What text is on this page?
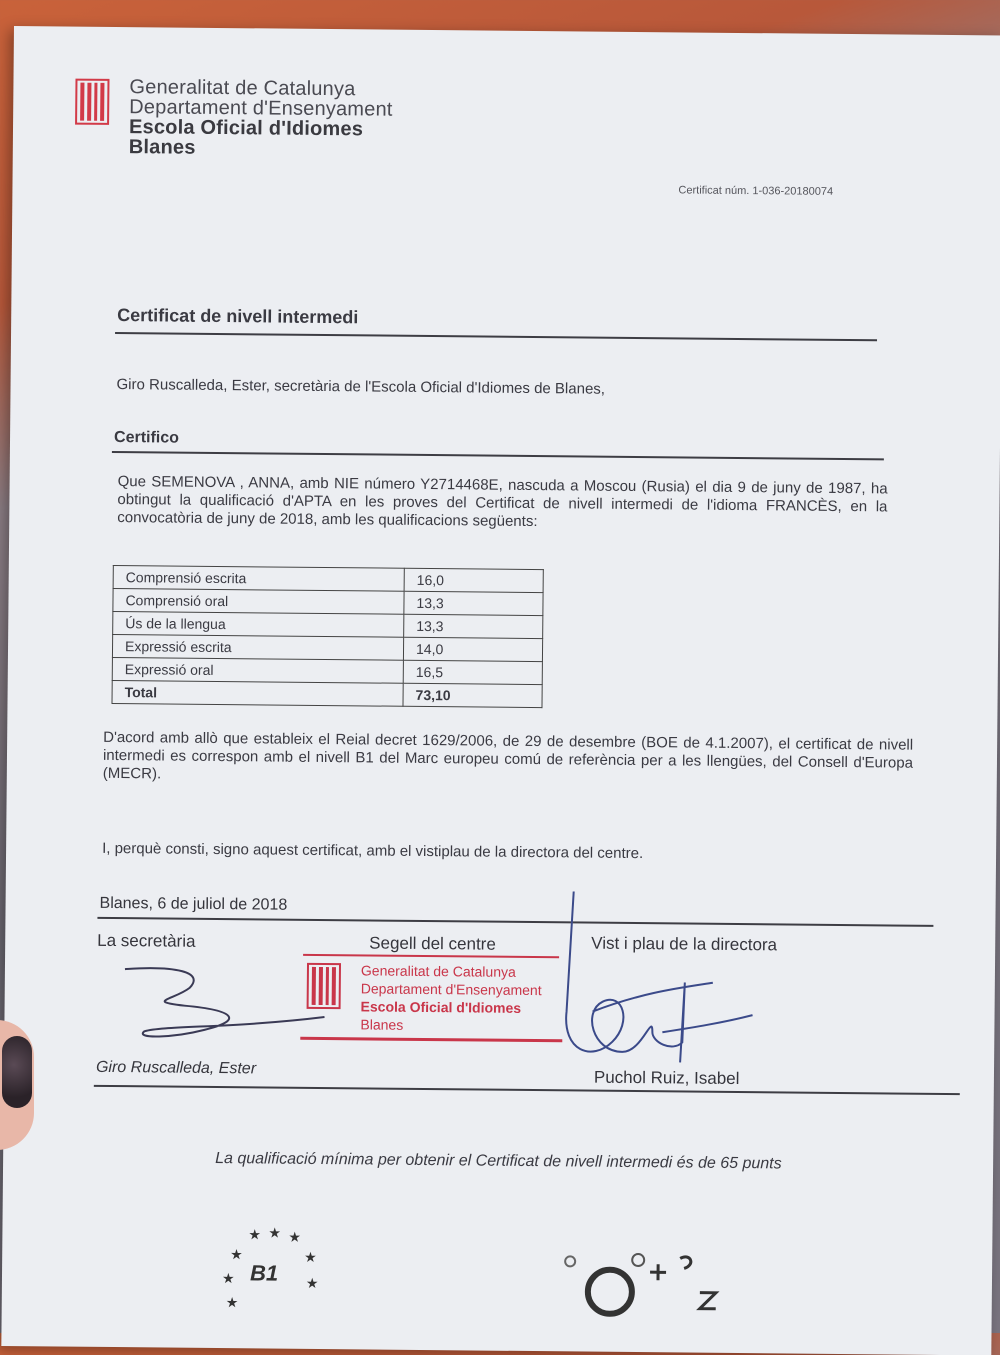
Generalitat de Catalunya
Departament d'Ensenyament
Escola Oficial d'Idiomes
Blanes
Certificat núm. 1-036-20180074
Certificat de nivell intermedi
Giro Ruscalleda, Ester, secretària de l'Escola Oficial d'Idiomes de Blanes,
Certifico
Que SEMENOVA , ANNA, amb NIE número Y2714468E, nascuda a Moscou (Rusia) el dia 9 de juny de 1987, ha obtingut la qualificació d'APTA en les proves del Certificat de nivell intermedi de l'idioma FRANCÈS, en la convocatòria de juny de 2018, amb les qualificacions següents:
Comprensió escrita	16,0
Comprensió oral	13,3
Ús de la llengua	13,3
Expressió escrita	14,0
Expressió oral	16,5
Total	73,10
D'acord amb allò que estableix el Reial decret 1629/2006, de 29 de desembre (BOE de 4.1.2007), el certificat de nivell intermedi es correspon amb el nivell B1 del Marc europeu comú de referència per a les llengües, del Consell d'Europa (MECR).
I, perquè consti, signo aquest certificat, amb el vistiplau de la directora del centre.
Blanes, 6 de juliol de 2018
La secretària	Segell del centre	Vist i plau de la directora
Generalitat de Catalunya
Departament d'Ensenyament
Escola Oficial d'Idiomes
Blanes
Giro Ruscalleda, Ester	Puchol Ruiz, Isabel
La qualificació mínima per obtenir el Certificat de nivell intermedi és de 65 punts
★ ★ ★
★	★
★	★
★
B1
